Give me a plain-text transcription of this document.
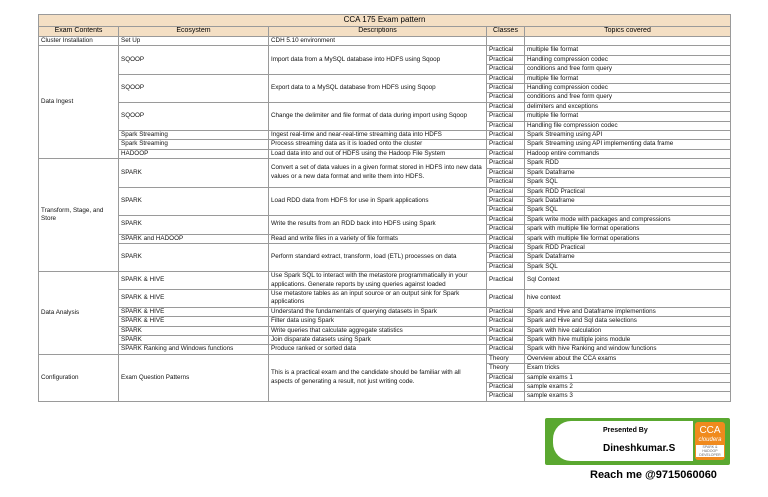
CCA 175 Exam pattern				
Exam Contents	Ecosystem	Descriptions	Classes	Topics covered
Cluster Installation	Set Up	CDH 5.10 environment		
Data Ingest	SQOOP	Import data from a MySQL database into HDFS using Sqoop	Practical	multiple file format
			Practical	Handling compression codec
			Practical	conditions and free form query
	SQOOP	Export data to a MySQL database from HDFS using Sqoop	Practical	multiple file format
			Practical	Handling compression codec
			Practical	conditions and free form query
	SQOOP	Change the delimiter and file format of data during import using Sqoop	Practical	delimiters and exceptions
			Practical	multiple file format
			Practical	Handling file compression codec
	Spark Streaming	Ingest real-time and near-real-time streaming data into HDFS	Practical	Spark Streaming using API
	Spark Streaming	Process streaming data as it is loaded onto the cluster	Practical	Spark Streaming using API implementing data frame
	HADOOP	Load data into and out of HDFS using the Hadoop File System	Practical	Hadoop entire commands
Transform, Stage, and Store	SPARK	Convert a set of data values in a given format stored in HDFS into new data values or a new data format and write them into HDFS.	Practical	Spark RDD
			Practical	Spark Dataframe
			Practical	Spark SQL
	SPARK	Load RDD data from HDFS for use in Spark applications	Practical	Spark RDD Practical
			Practical	Spark Dataframe
			Practical	Spark SQL
	SPARK	Write the results from an RDD back into HDFS using Spark	Practical	Spark write mode with packages and compressions
			Practical	spark with multiple file format operations
	SPARK and HADOOP	Read and write files in a variety of file formats	Practical	spark with multiple file format operations
	SPARK	Perform standard extract, transform, load (ETL) processes on data	Practical	Spark RDD Practical
			Practical	Spark Dataframe
			Practical	Spark SQL
Data Analysis	SPARK & HIVE	Use Spark SQL to interact with the metastore programmatically in your applications. Generate reports by using queries against loaded	Practical	Sql Context
	SPARK & HIVE	Use metastore tables as an input source or an output sink for Spark applications	Practical	hive context
	SPARK & HIVE	Understand the fundamentals of querying datasets in Spark	Practical	Spark and Hive and Dataframe implementions
	SPARK & HIVE	Filter data using Spark	Practical	Spark and Hive and Sql data selections
	SPARK	Write queries that calculate aggregate statistics	Practical	Spark with hive calculation
	SPARK	Join disparate datasets using Spark	Practical	Spark with hive multiple joins module
	SPARK Ranking and Windows functions	Produce ranked or sorted data	Practical	Spark with hive Ranking and window functions
Configuration	Exam Question Patterns	This is a practical exam and the candidate should be familiar with all aspects of generating a result, not just writing code.	Theory	Overview about the CCA exams
			Theory	Exam tricks
			Practical	sample exams 1
			Practical	sample exams 2
			Practical	sample exams 3
Presented By
Dineshkumar.S
CCA
cloudera
SPARK & HADOOP DEVELOPER
Reach me @9715060060
